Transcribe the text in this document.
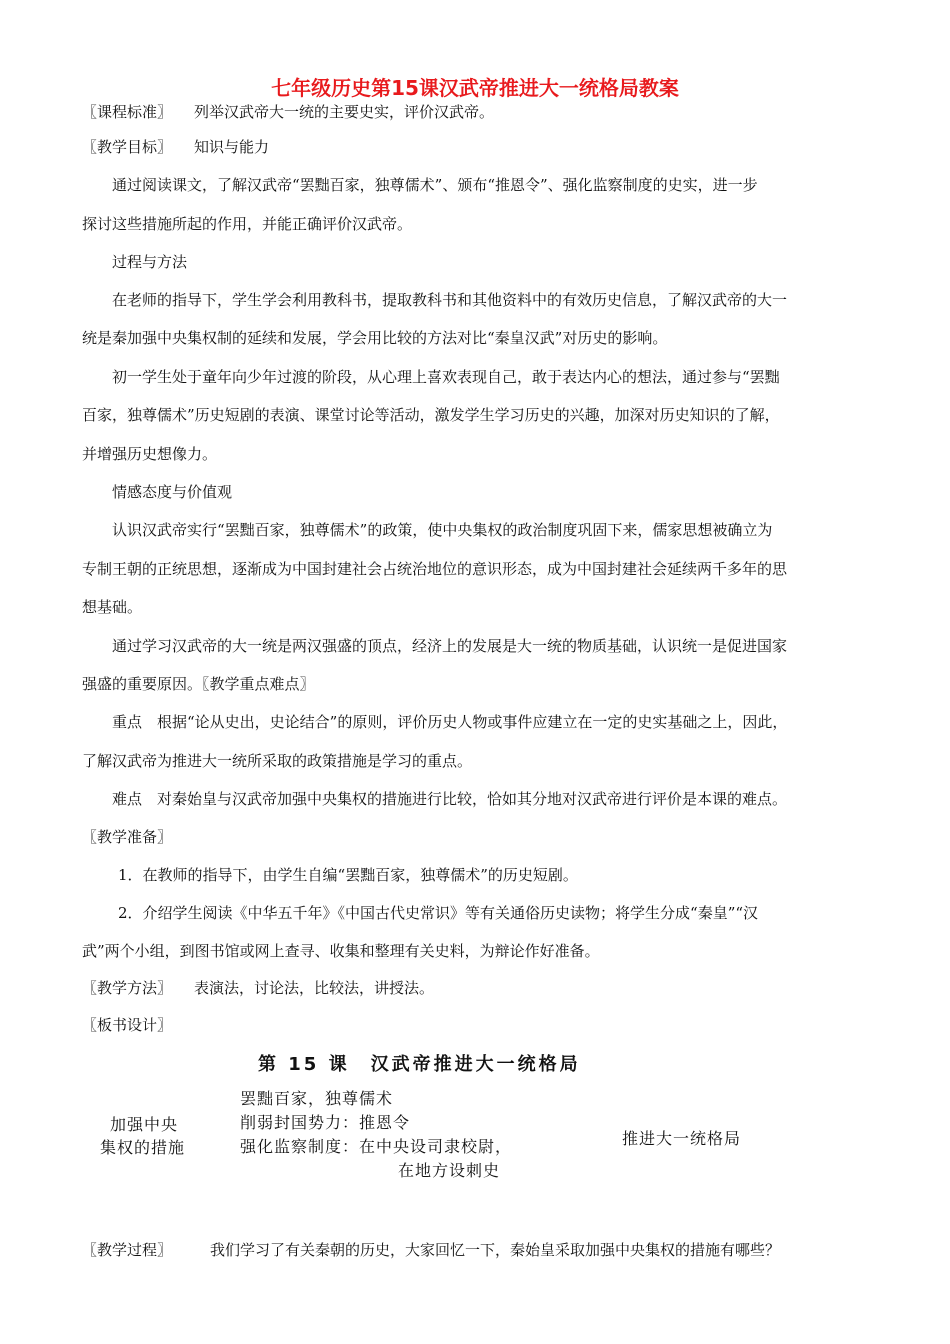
七年级历史第15课汉武帝推进大一统格局教案
〖课程标准〗 列举汉武帝大一统的主要史实，评价汉武帝。
〖教学目标〗 知识与能力
通过阅读课文，了解汉武帝“罢黜百家，独尊儒术”、颁布“推恩令”、强化监察制度的史实，进一步
探讨这些措施所起的作用，并能正确评价汉武帝。
过程与方法
在老师的指导下，学生学会利用教科书，提取教科书和其他资料中的有效历史信息，了解汉武帝的大一
统是秦加强中央集权制的延续和发展，学会用比较的方法对比“秦皇汉武”对历史的影响。
初一学生处于童年向少年过渡的阶段，从心理上喜欢表现自己，敢于表达内心的想法，通过参与“罢黜
百家，独尊儒术”历史短剧的表演、课堂讨论等活动，激发学生学习历史的兴趣，加深对历史知识的了解，
并增强历史想像力。
情感态度与价值观
认识汉武帝实行“罢黜百家，独尊儒术”的政策，使中央集权的政治制度巩固下来，儒家思想被确立为
专制王朝的正统思想，逐渐成为中国封建社会占统治地位的意识形态，成为中国封建社会延续两千多年的思
想基础。
通过学习汉武帝的大一统是两汉强盛的顶点，经济上的发展是大一统的物质基础，认识统一是促进国家
强盛的重要原因。〖教学重点难点〗
重点　根据“论从史出，史论结合”的原则，评价历史人物或事件应建立在一定的史实基础之上，因此，
了解汉武帝为推进大一统所采取的政策措施是学习的重点。
难点　对秦始皇与汉武帝加强中央集权的措施进行比较，恰如其分地对汉武帝进行评价是本课的难点。
〖教学准备〗
1．在教师的指导下，由学生自编“罢黜百家，独尊儒术”的历史短剧。
2．介绍学生阅读《中华五千年》《中国古代史常识》等有关通俗历史读物；将学生分成“秦皇”“汉
武”两个小组，到图书馆或网上查寻、收集和整理有关史料，为辩论作好准备。
〖教学方法〗 表演法，讨论法，比较法，讲授法。
〖板书设计〗
第 15 课　汉武帝推进大一统格局
加强中央
集权的措施
罢黜百家，独尊儒术
削弱封国势力：推恩令
强化监察制度：在中央设司隶校尉，
在地方设刺史
推进大一统格局
〖教学过程〗	我们学习了有关秦朝的历史，大家回忆一下，秦始皇采取加强中央集权的措施有哪些？
